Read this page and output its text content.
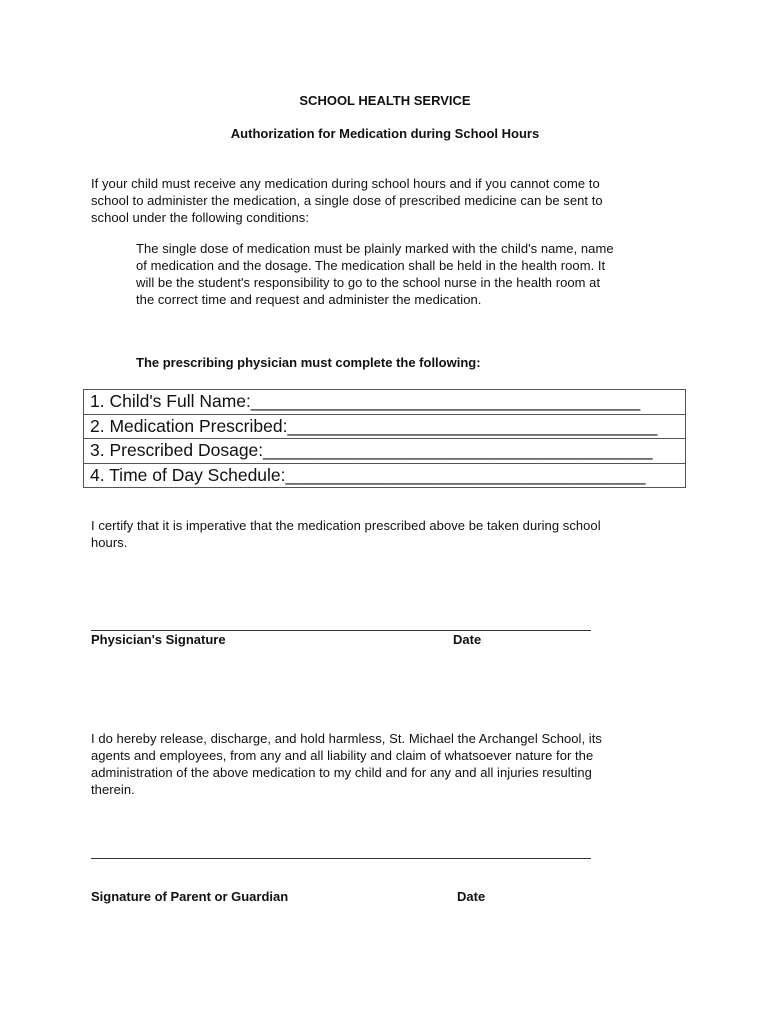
SCHOOL HEALTH SERVICE
Authorization for Medication during School Hours
If your child must receive any medication during school hours and if you cannot come to school to administer the medication, a single dose of prescribed medicine can be sent to school under the following conditions:
The single dose of medication must be plainly marked with the child's name, name of medication and the dosage. The medication shall be held in the health room. It will be the student's responsibility to go to the school nurse in the health room at the correct time and request and administer the medication.
The prescribing physician must complete the following:
1. Child's Full Name:________________________________________
2. Medication Prescribed:______________________________________
3. Prescribed Dosage:________________________________________
4. Time of Day Schedule:_____________________________________
I certify that it is imperative that the medication prescribed above be taken during school hours.
Physician's Signature	Date
I do hereby release, discharge, and hold harmless, St. Michael the Archangel School, its agents and employees, from any and all liability and claim of whatsoever nature for the administration of the above medication to my child and for any and all injuries resulting therein.
Signature of Parent or Guardian	Date
